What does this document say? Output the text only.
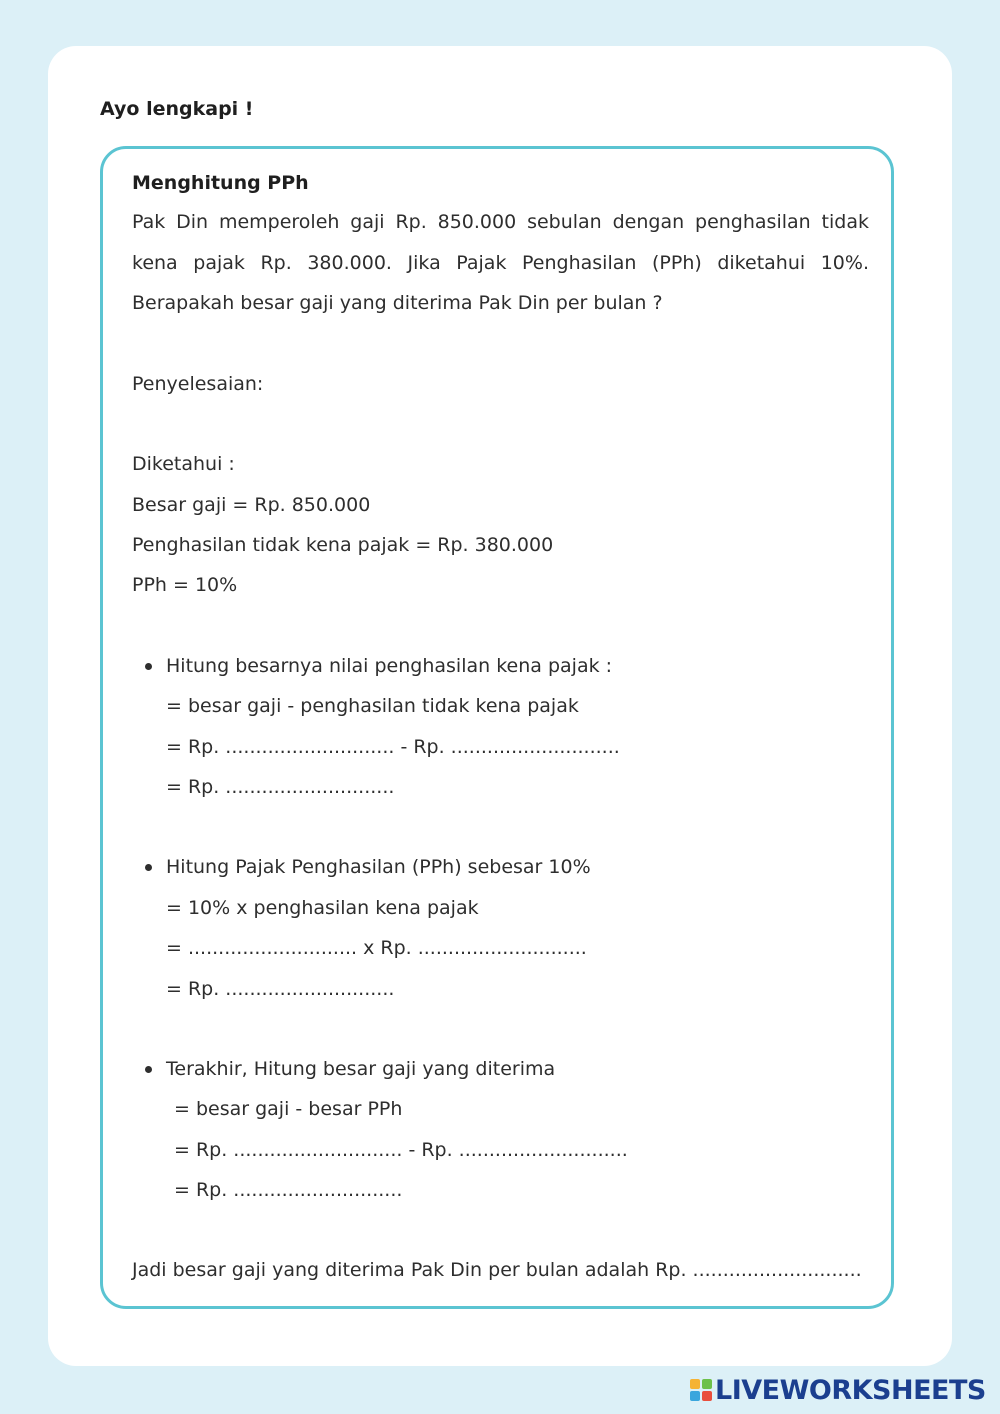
Ayo lengkapi !
Menghitung PPh
Pak Din memperoleh gaji Rp. 850.000 sebulan dengan penghasilan tidak
kena pajak Rp. 380.000. Jika Pajak Penghasilan (PPh) diketahui 10%.
Berapakah besar gaji yang diterima Pak Din per bulan ?
Penyelesaian:
Diketahui :
Besar gaji = Rp. 850.000
Penghasilan tidak kena pajak = Rp. 380.000
PPh = 10%
Hitung besarnya nilai penghasilan kena pajak :
= besar gaji - penghasilan tidak kena pajak
= Rp. ............................ - Rp. ............................
= Rp. ............................
Hitung Pajak Penghasilan (PPh) sebesar 10%
= 10% x penghasilan kena pajak
= ............................ x Rp. ............................
= Rp. ............................
Terakhir, Hitung besar gaji yang diterima
= besar gaji - besar PPh
= Rp. ............................ - Rp. ............................
= Rp. ............................
Jadi besar gaji yang diterima Pak Din per bulan adalah Rp. ............................
LIVEWORKSHEETS
